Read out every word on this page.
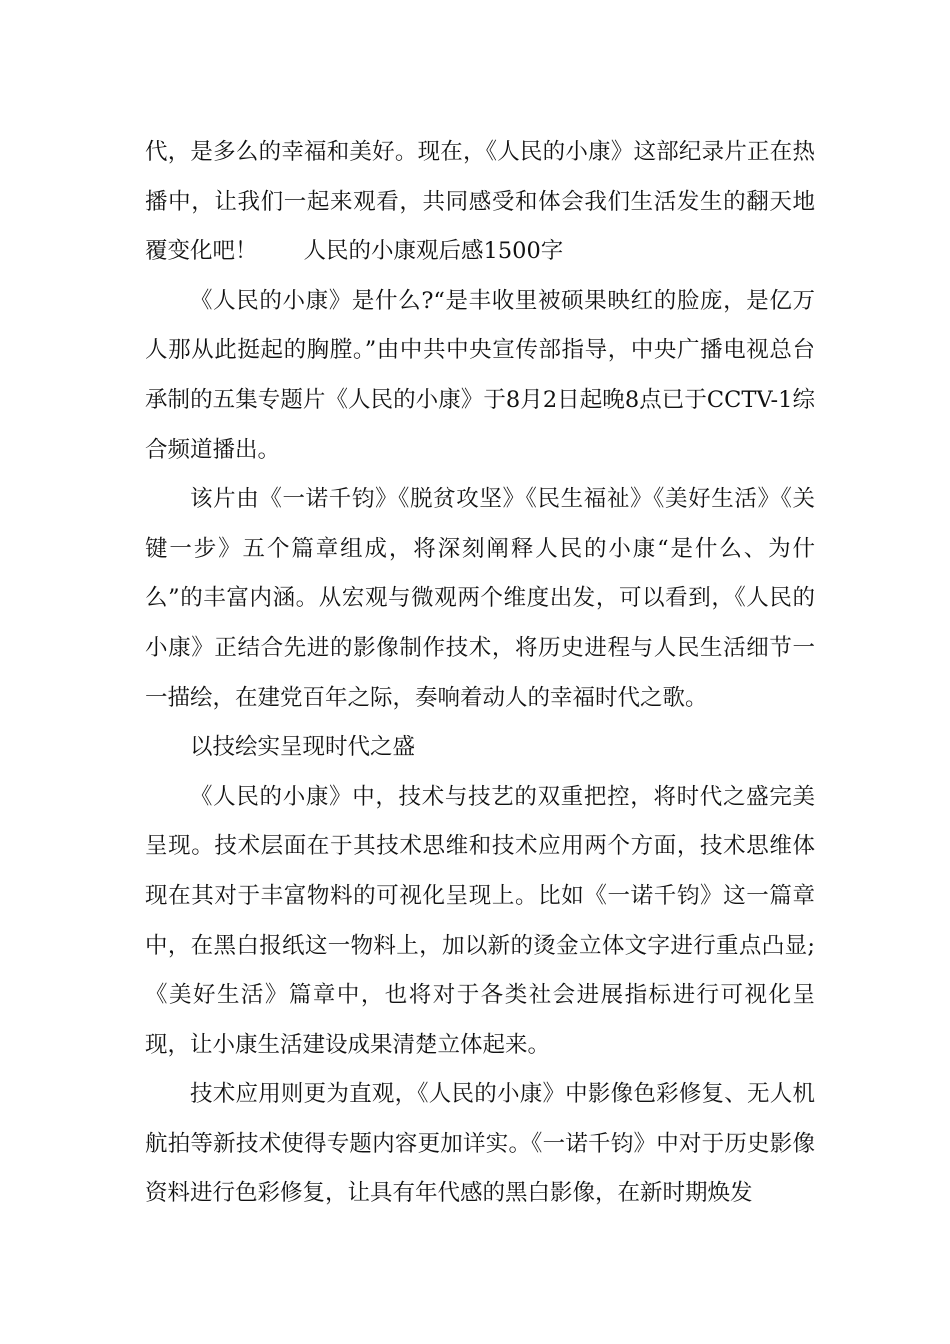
代，是多么的幸福和美好。现在，《人民的小康》这部纪录片正在热播中，让我们一起来观看，共同感受和体会我们生活发生的翻天地覆变化吧！ 人民的小康观后感1500字

《人民的小康》是什么?“是丰收里被硕果映红的脸庞，是亿万人那从此挺起的胸膛。”由中共中央宣传部指导，中央广播电视总台承制的五集专题片《人民的小康》于8月2日起晚8点已于CCTV-1综合频道播出。

该片由《一诺千钧》《脱贫攻坚》《民生福祉》《美好生活》《关键一步》五个篇章组成，将深刻阐释人民的小康“是什么、为什么”的丰富内涵。从宏观与微观两个维度出发，可以看到，《人民的小康》正结合先进的影像制作技术，将历史进程与人民生活细节一一描绘，在建党百年之际，奏响着动人的幸福时代之歌。

以技绘实呈现时代之盛

《人民的小康》中，技术与技艺的双重把控，将时代之盛完美呈现。技术层面在于其技术思维和技术应用两个方面，技术思维体现在其对于丰富物料的可视化呈现上。比如《一诺千钧》这一篇章中，在黑白报纸这一物料上，加以新的烫金立体文字进行重点凸显;《美好生活》篇章中，也将对于各类社会进展指标进行可视化呈现，让小康生活建设成果清楚立体起来。

技术应用则更为直观，《人民的小康》中影像色彩修复、无人机航拍等新技术使得专题内容更加详实。《一诺千钧》中对于历史影像资料进行色彩修复，让具有年代感的黑白影像，在新时期焕发
